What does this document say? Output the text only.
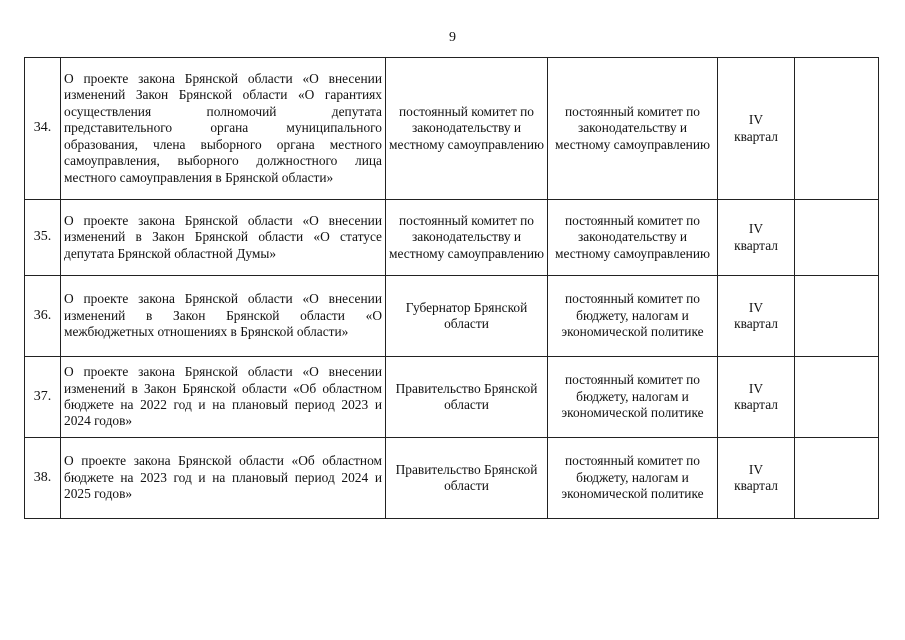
9
34.	О проекте закона Брянской области «О внесении изменений Закон Брянской области «О гарантиях осуществления полномочий депутата представительного органа муниципального образования, члена выборного органа местного самоуправления, выборного должностного лица местного самоуправления в Брянской области»	постоянный комитет по законодательству и местному самоуправлению	постоянный комитет по законодательству и местному самоуправлению	IV
квартал	

35.	О проекте закона Брянской области «О внесении изменений в Закон Брянской области «О статусе депутата Брянской областной Думы»	постоянный комитет по законодательству и местному самоуправлению	постоянный комитет по законодательству и местному самоуправлению	IV
квартал	

36.	О проекте закона Брянской области «О внесении изменений в Закон Брянской области «О межбюджетных отношениях в Брянской области»	Губернатор Брянской области	постоянный комитет по бюджету, налогам и экономической политике	IV
квартал	

37.	О проекте закона Брянской области «О внесении изменений в Закон Брянской области «Об областном бюджете на 2022 год и на плановый период 2023 и 2024 годов»	Правительство Брянской области	постоянный комитет по бюджету, налогам и экономической политике	IV
квартал	

38.	О проекте закона Брянской области «Об областном бюджете на 2023 год и на плановый период 2024 и 2025 годов»	Правительство Брянской области	постоянный комитет по бюджету, налогам и экономической политике	IV
квартал	
